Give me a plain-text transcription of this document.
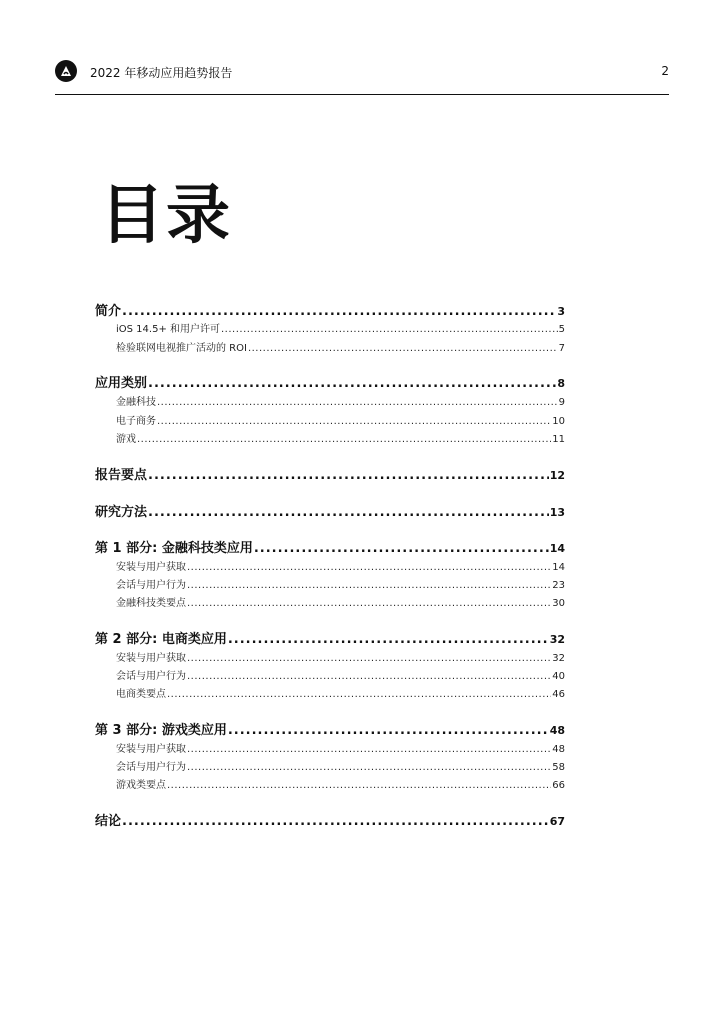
2022 年移动应用趋势报告	2
目录
简介 .....	3
iOS 14.5+ 和用户许可 .....	5
检验联网电视推广活动的 ROI .....	7
应用类别 .....	8
金融科技 .....	9
电子商务 .....	10
游戏 .....	11
报告要点 .....	12
研究方法 .....	13
第 1 部分: 金融科技类应用 .....	14
安装与用户获取 .....	14
会话与用户行为 .....	23
金融科技类要点 .....	30
第 2 部分: 电商类应用 .....	32
安装与用户获取 .....	32
会话与用户行为 .....	40
电商类要点 .....	46
第 3 部分: 游戏类应用 .....	48
安装与用户获取 .....	48
会话与用户行为 .....	58
游戏类要点 .....	66
结论 .....	67
